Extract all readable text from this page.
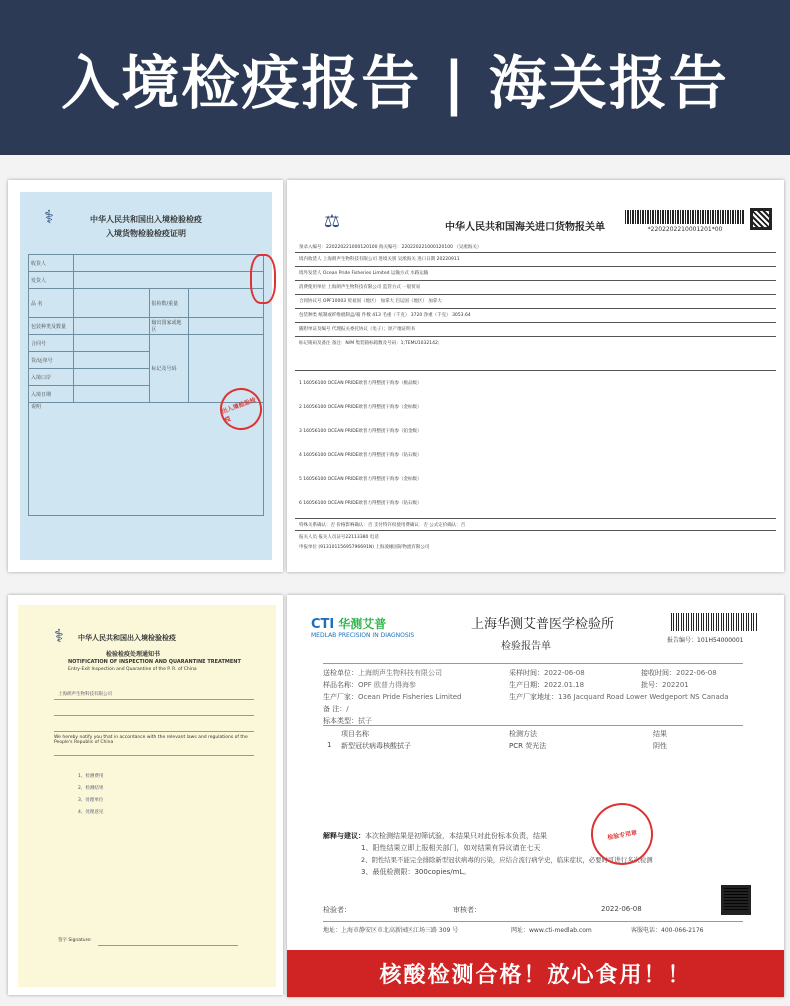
入境检疫报告 | 海关报告
⚕	中华人民共和国出入境检验检疫
入境货物检验检疫证明
收货人			
发货人			
品 名		报检数/重量	
包装种类及数量		输出国家或地区	
合同号		标记及号码	
货/运单号			
入境口岸			
入境日期			
说明				出入境检验检疫
⚖	中华人民共和国海关进口货物报关单	*2202202210001201*00
预录入编号：220220221000120100 海关编号：220220221000120100 （吴淞海关）
境内收货人 上海朗声生物科技有限公司 进境关别 吴淞海关 进口日期 20220911
境外发货人 Ocean Pride Fisheries Limited 运输方式 水路运输
消费使用单位 上海朗声生物科技有限公司 监管方式 一般贸易
合同协议号 OPF10003 贸易国（地区） 加拿大 启运国（地区） 加拿大
包装种类 纸制或纤维板制盒/箱 件数 413 毛重（千克） 3720 净重（千克） 3053.64
随附单证及编号 代理报关委托协议（电子）；原产地证明书
标记唛码及备注 备注：N/M 集装箱标箱数及号码：1;TEMU1032142;
1 16056100 OCEAN PRIDE欧普力得整团干海参（极品级）
2 16056100 OCEAN PRIDE欧普力得整团干海参（金标级）
3 16056100 OCEAN PRIDE欧普力得整团干海参（铂金级）
4 16056100 OCEAN PRIDE欧普力得整团干海参（钻石级）
5 16056100 OCEAN PRIDE欧普力得整团干海参（金标级）
6 16056100 OCEAN PRIDE欧普力得整团干海参（钻石级）
特殊关系确认：否 价格影响确认：否 支付特许权使用费确认：否 公式定价确认：否
报关人员 报关人员证号22113380 电话
申报单位 (91310115695796691N) 上海凌缘国际物流有限公司
⚕	中华人民共和国出入境检验检疫
检验检疫处理通知书
NOTIFICATION OF INSPECTION AND QUARANTINE TREATMENT
Entry-Exit Inspection and Quarantine of the P. R. of China
上海朗声生物科技有限公司
We hereby notify you that in accordance with the relevant laws and regulations of the People's Republic of China
1、检测费用
2、检测结果
3、处理单位
4、处理意见
签字 Signature:
CTI 华测艾普
MEDLAB PRECISION IN DIAGNOSIS
上海华测艾普医学检验所
检验报告单
报告编号：101H54000001
送检单位：上海朗声生物科技有限公司	采样时间：2022-06-08	接收时间：2022-06-08
样品名称：OPF 欧普力得海参	生产日期：2022.01.18	批号：202201
生产厂家：Ocean Pride Fisheries Limited	生产厂家地址：136 Jacquard Road Lower Wedgeport NS Canada
备 注：/
标本类型：拭子
项目名称	检测方法	结果
1 新型冠状病毒核酸拭子	PCR 荧光法	阴性
解释与建议：本次检测结果是初筛试验，本结果只对此份标本负责，结果
1、阳性结果立即上报相关部门，如对结果有异议请在七天
2、阴性结果不能完全排除新型冠状病毒的污染，应结合流行病学史，临床症状，必要时可进行多次检测
3、最低检测限：300copies/mL。
检验专用章
检验者：	审核者：	2022-06-08
地址：上海市静安区市北高新园区江场三路 309 号	网址：www.cti-medlab.com	客服电话：400-066-2176
核酸检测合格！放心食用！！
